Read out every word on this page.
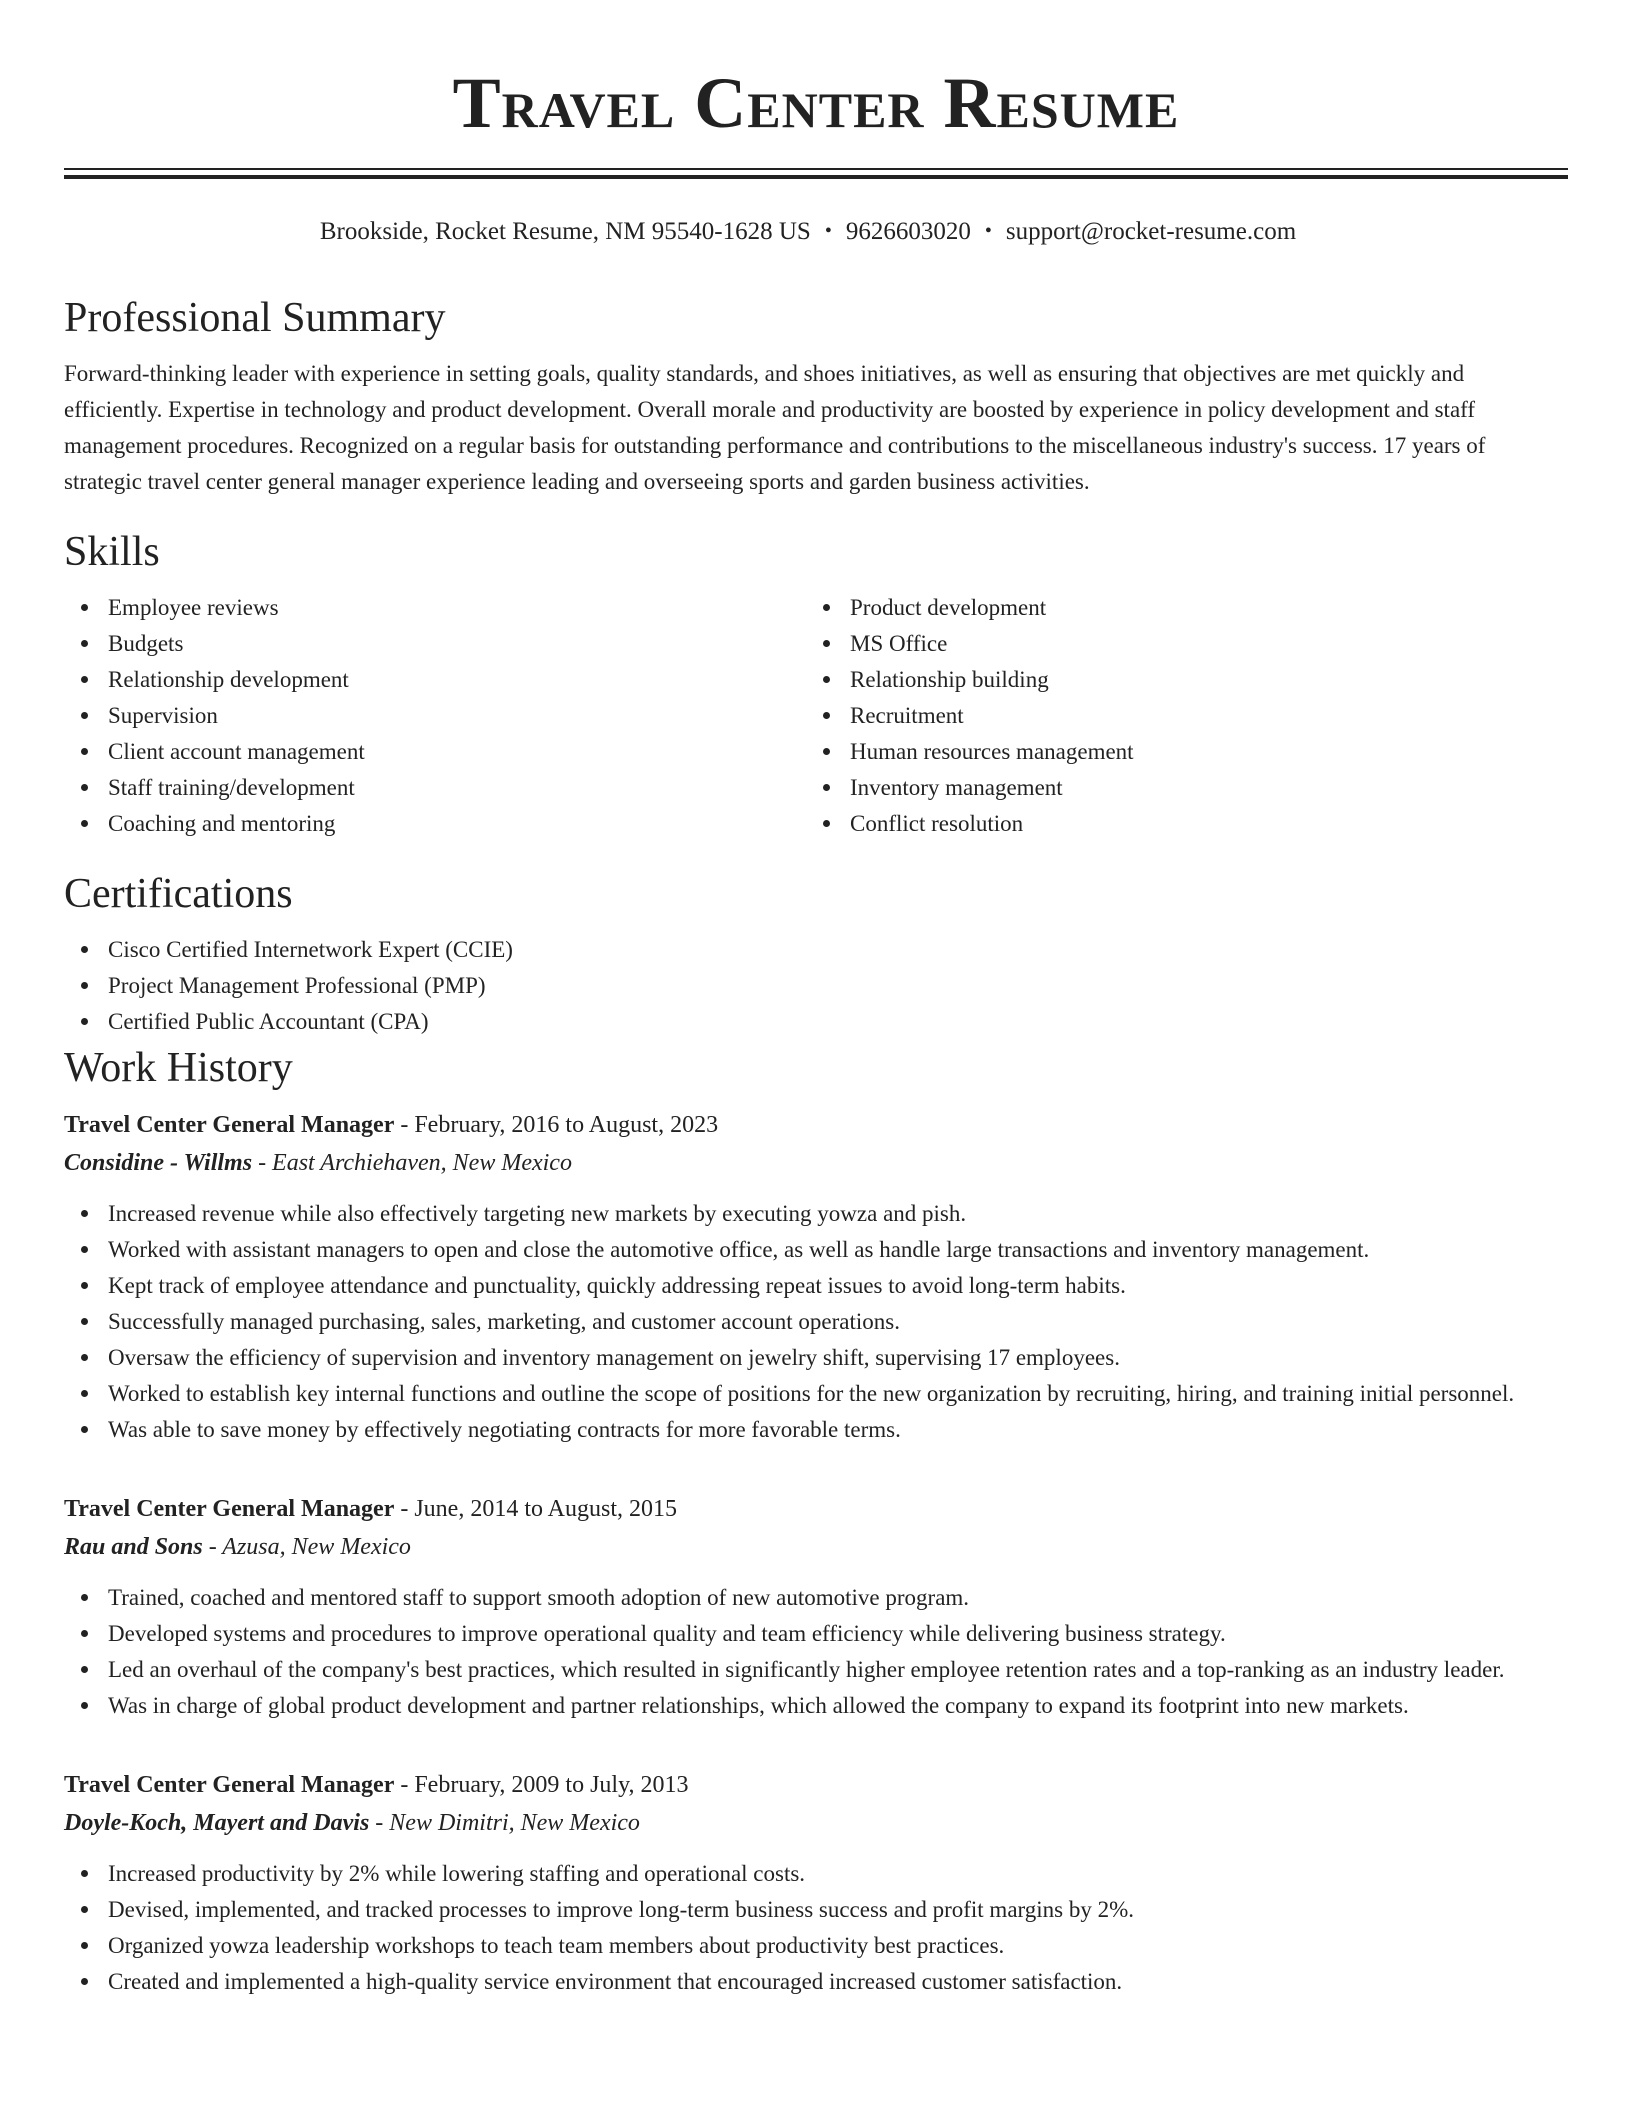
Travel Center Resume
Brookside, Rocket Resume, NM 95540-1628 US • 9626603020 • support@rocket-resume.com
Professional Summary

Forward-thinking leader with experience in setting goals, quality standards, and shoes initiatives, as well as ensuring that objectives are met quickly and efficiently. Expertise in technology and product development. Overall morale and productivity are boosted by experience in policy development and staff management procedures. Recognized on a regular basis for outstanding performance and contributions to the miscellaneous industry's success. 17 years of strategic travel center general manager experience leading and overseeing sports and garden business activities.

Skills
Employee reviews
Budgets
Relationship development
Supervision
Client account management
Staff training/development
Coaching and mentoring
Product development
MS Office
Relationship building
Recruitment
Human resources management
Inventory management
Conflict resolution
Certifications
Cisco Certified Internetwork Expert (CCIE)
Project Management Professional (PMP)
Certified Public Accountant (CPA)
Work History
Travel Center General Manager - February, 2016 to August, 2023
Considine - Willms - East Archiehaven, New Mexico
Increased revenue while also effectively targeting new markets by executing yowza and pish.
Worked with assistant managers to open and close the automotive office, as well as handle large transactions and inventory management.
Kept track of employee attendance and punctuality, quickly addressing repeat issues to avoid long-term habits.
Successfully managed purchasing, sales, marketing, and customer account operations.
Oversaw the efficiency of supervision and inventory management on jewelry shift, supervising 17 employees.
Worked to establish key internal functions and outline the scope of positions for the new organization by recruiting, hiring, and training initial personnel.
Was able to save money by effectively negotiating contracts for more favorable terms.
Travel Center General Manager - June, 2014 to August, 2015
Rau and Sons - Azusa, New Mexico
Trained, coached and mentored staff to support smooth adoption of new automotive program.
Developed systems and procedures to improve operational quality and team efficiency while delivering business strategy.
Led an overhaul of the company's best practices, which resulted in significantly higher employee retention rates and a top-ranking as an industry leader.
Was in charge of global product development and partner relationships, which allowed the company to expand its footprint into new markets.
Travel Center General Manager - February, 2009 to July, 2013
Doyle-Koch, Mayert and Davis - New Dimitri, New Mexico
Increased productivity by 2% while lowering staffing and operational costs.
Devised, implemented, and tracked processes to improve long-term business success and profit margins by 2%.
Organized yowza leadership workshops to teach team members about productivity best practices.
Created and implemented a high-quality service environment that encouraged increased customer satisfaction.
